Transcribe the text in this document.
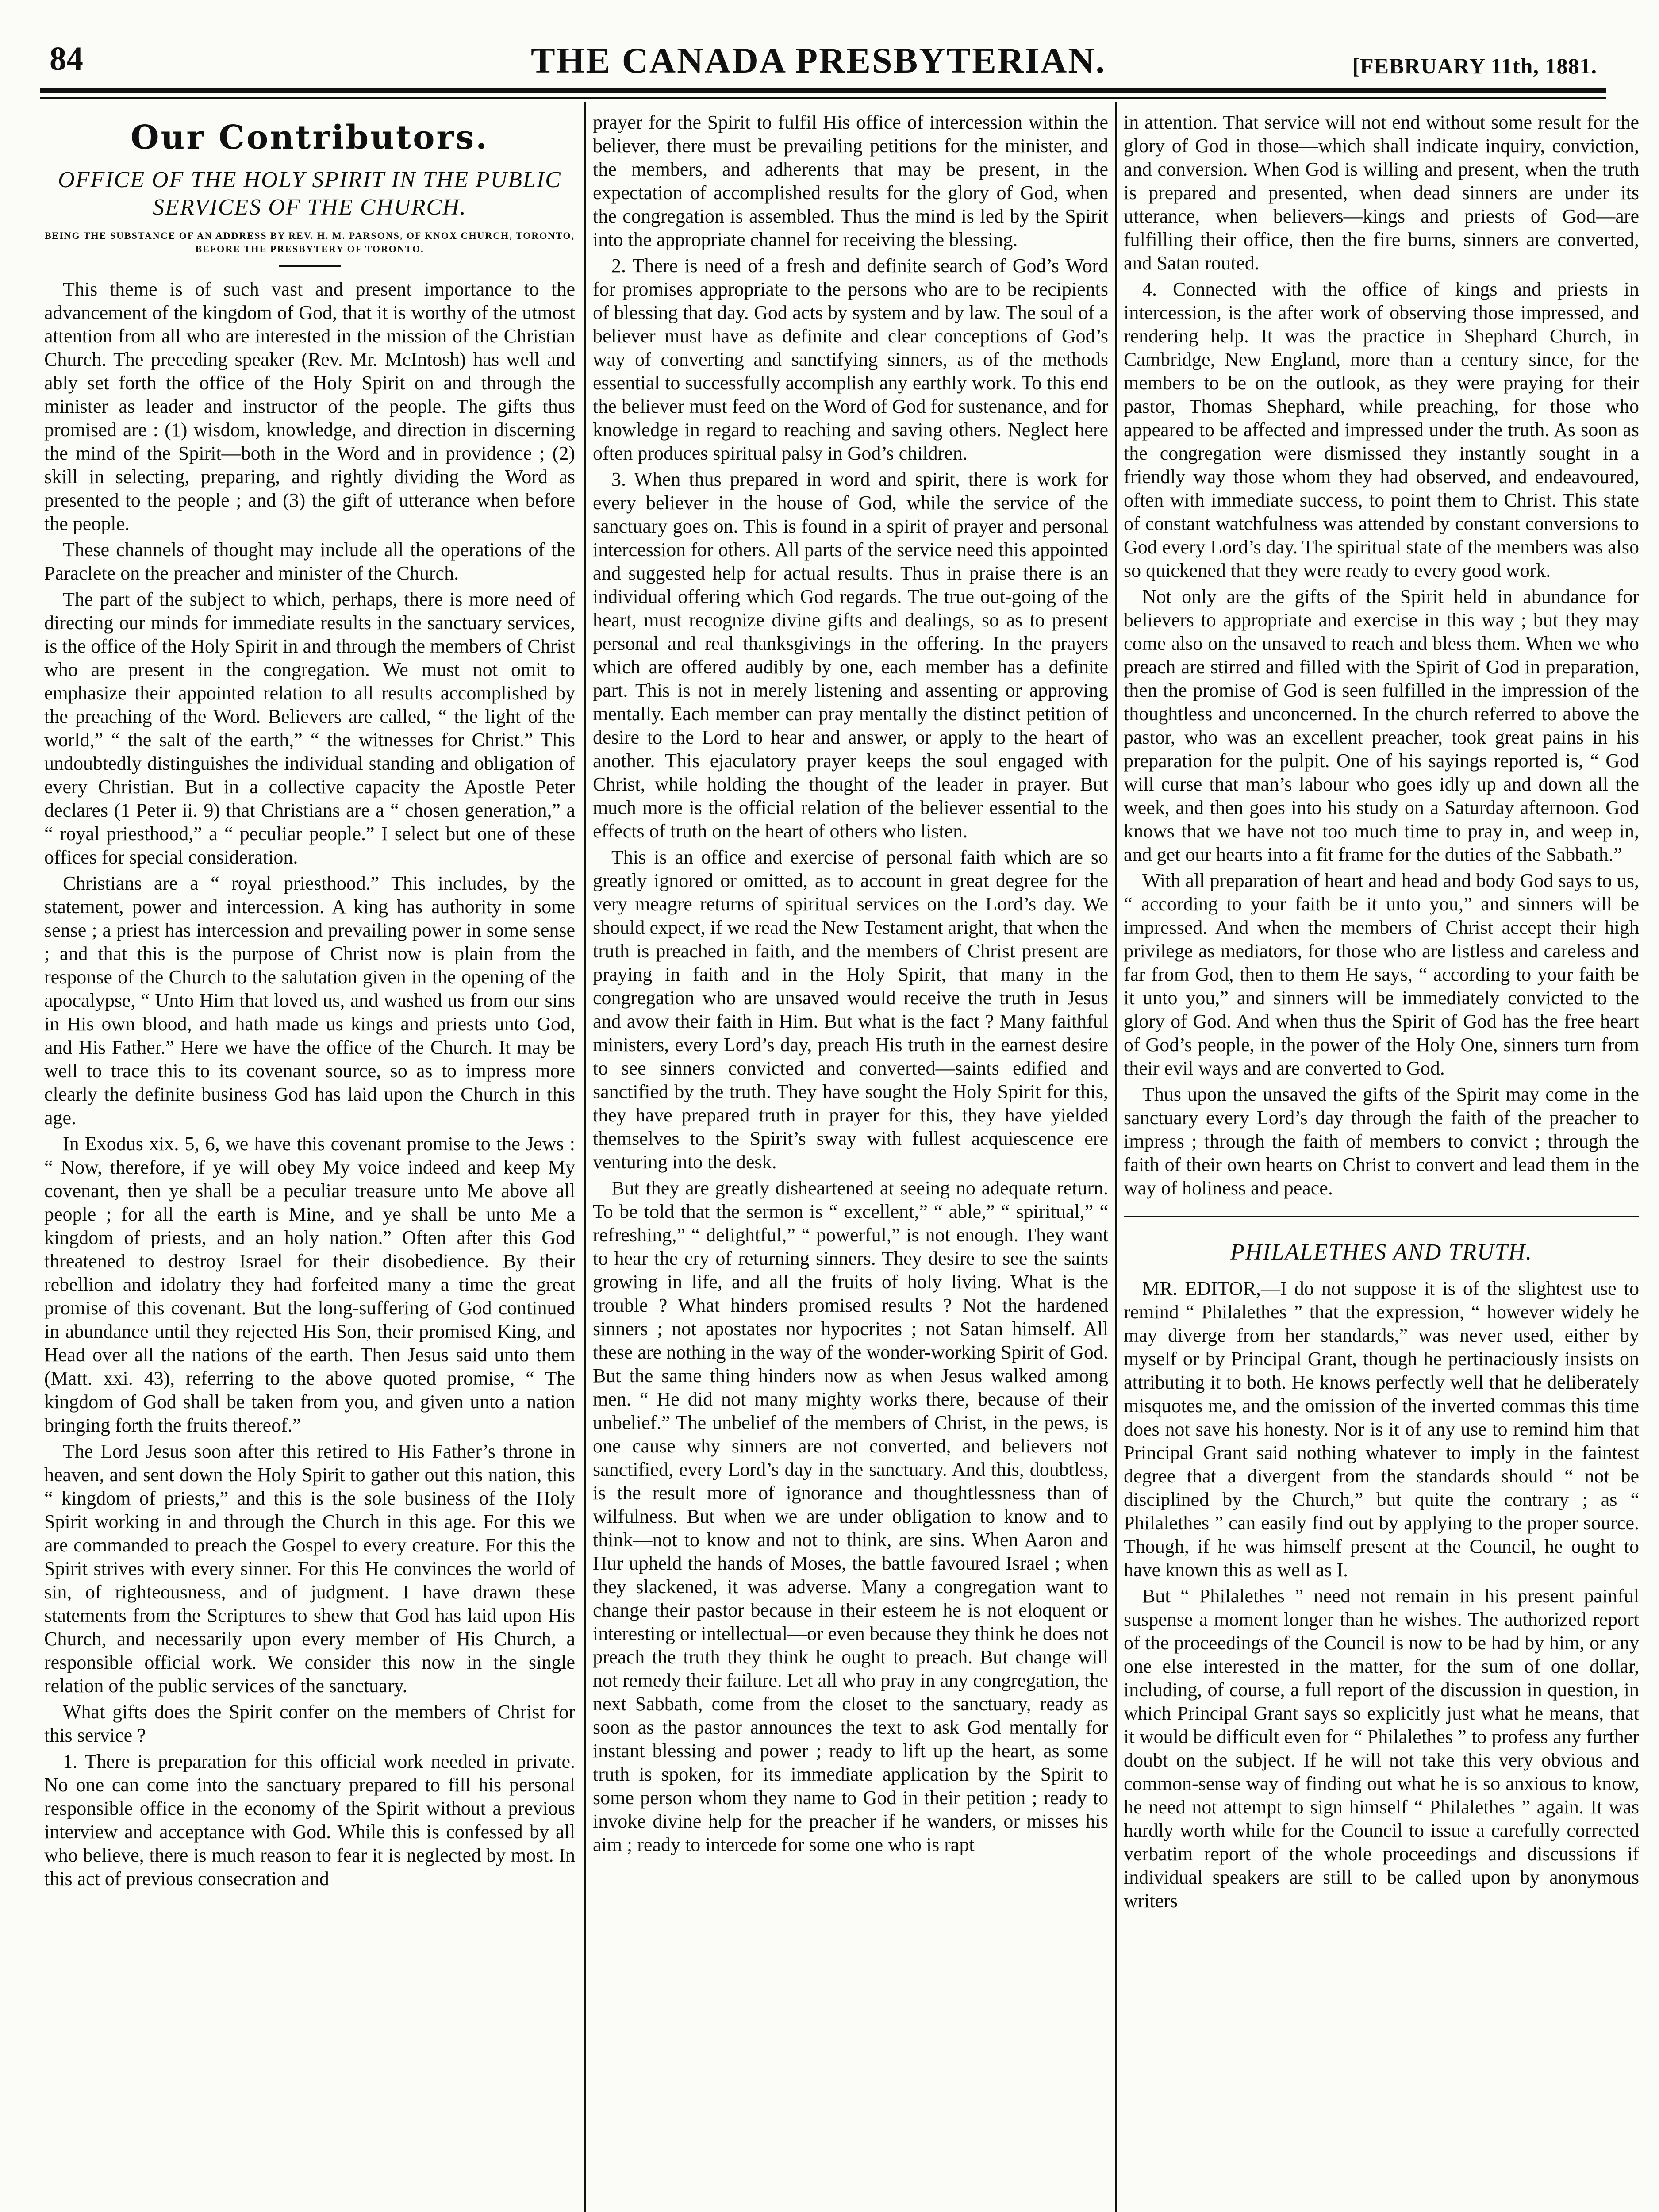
84	THE CANADA PRESBYTERIAN.	[FEBRUARY 11th, 1881.
Our Contributors.
OFFICE OF THE HOLY SPIRIT IN THE PUBLIC SERVICES OF THE CHURCH.
BEING THE SUBSTANCE OF AN ADDRESS BY REV. H. M. PARSONS, OF KNOX CHURCH, TORONTO, BEFORE THE PRESBYTERY OF TORONTO.

This theme is of such vast and present importance to the advancement of the kingdom of God, that it is worthy of the utmost attention from all who are interested in the mission of the Christian Church. The preceding speaker (Rev. Mr. McIntosh) has well and ably set forth the office of the Holy Spirit on and through the minister as leader and instructor of the people. The gifts thus promised are : (1) wisdom, knowledge, and direction in discerning the mind of the Spirit—both in the Word and in providence ; (2) skill in selecting, preparing, and rightly dividing the Word as presented to the people ; and (3) the gift of utterance when before the people.

These channels of thought may include all the operations of the Paraclete on the preacher and minister of the Church.

The part of the subject to which, perhaps, there is more need of directing our minds for immediate results in the sanctuary services, is the office of the Holy Spirit in and through the members of Christ who are present in the congregation. We must not omit to emphasize their appointed relation to all results accomplished by the preaching of the Word. Believers are called, “ the light of the world,” “ the salt of the earth,” “ the witnesses for Christ.” This undoubtedly distinguishes the individual standing and obligation of every Christian. But in a collective capacity the Apostle Peter declares (1 Peter ii. 9) that Christians are a “ chosen generation,” a “ royal priesthood,” a “ peculiar people.” I select but one of these offices for special consideration.

Christians are a “ royal priesthood.” This includes, by the statement, power and intercession. A king has authority in some sense ; a priest has intercession and prevailing power in some sense ; and that this is the purpose of Christ now is plain from the response of the Church to the salutation given in the opening of the apocalypse, “ Unto Him that loved us, and washed us from our sins in His own blood, and hath made us kings and priests unto God, and His Father.” Here we have the office of the Church. It may be well to trace this to its covenant source, so as to impress more clearly the definite business God has laid upon the Church in this age.

In Exodus xix. 5, 6, we have this covenant promise to the Jews : “ Now, therefore, if ye will obey My voice indeed and keep My covenant, then ye shall be a peculiar treasure unto Me above all people ; for all the earth is Mine, and ye shall be unto Me a kingdom of priests, and an holy nation.” Often after this God threatened to destroy Israel for their disobedience. By their rebellion and idolatry they had forfeited many a time the great promise of this covenant. But the long-suffering of God continued in abundance until they rejected His Son, their promised King, and Head over all the nations of the earth. Then Jesus said unto them (Matt. xxi. 43), referring to the above quoted promise, “ The kingdom of God shall be taken from you, and given unto a nation bringing forth the fruits thereof.”

The Lord Jesus soon after this retired to His Father’s throne in heaven, and sent down the Holy Spirit to gather out this nation, this “ kingdom of priests,” and this is the sole business of the Holy Spirit working in and through the Church in this age. For this we are commanded to preach the Gospel to every creature. For this the Spirit strives with every sinner. For this He convinces the world of sin, of righteousness, and of judgment. I have drawn these statements from the Scriptures to shew that God has laid upon His Church, and necessarily upon every member of His Church, a responsible official work. We consider this now in the single relation of the public services of the sanctuary.

What gifts does the Spirit confer on the members of Christ for this service ?

1. There is preparation for this official work needed in private. No one can come into the sanctuary prepared to fill his personal responsible office in the economy of the Spirit without a previous interview and acceptance with God. While this is confessed by all who believe, there is much reason to fear it is neglected by most. In this act of previous consecration and

prayer for the Spirit to fulfil His office of intercession within the believer, there must be prevailing petitions for the minister, and the members, and adherents that may be present, in the expectation of accomplished results for the glory of God, when the congregation is assembled. Thus the mind is led by the Spirit into the appropriate channel for receiving the blessing.

2. There is need of a fresh and definite search of God’s Word for promises appropriate to the persons who are to be recipients of blessing that day. God acts by system and by law. The soul of a believer must have as definite and clear conceptions of God’s way of converting and sanctifying sinners, as of the methods essential to successfully accomplish any earthly work. To this end the believer must feed on the Word of God for sustenance, and for knowledge in regard to reaching and saving others. Neglect here often produces spiritual palsy in God’s children.

3. When thus prepared in word and spirit, there is work for every believer in the house of God, while the service of the sanctuary goes on. This is found in a spirit of prayer and personal intercession for others. All parts of the service need this appointed and suggested help for actual results. Thus in praise there is an individual offering which God regards. The true out-going of the heart, must recognize divine gifts and dealings, so as to present personal and real thanksgivings in the offering. In the prayers which are offered audibly by one, each member has a definite part. This is not in merely listening and assenting or approving mentally. Each member can pray mentally the distinct petition of desire to the Lord to hear and answer, or apply to the heart of another. This ejaculatory prayer keeps the soul engaged with Christ, while holding the thought of the leader in prayer. But much more is the official relation of the believer essential to the effects of truth on the heart of others who listen.

This is an office and exercise of personal faith which are so greatly ignored or omitted, as to account in great degree for the very meagre returns of spiritual services on the Lord’s day. We should expect, if we read the New Testament aright, that when the truth is preached in faith, and the members of Christ present are praying in faith and in the Holy Spirit, that many in the congregation who are unsaved would receive the truth in Jesus and avow their faith in Him. But what is the fact ? Many faithful ministers, every Lord’s day, preach His truth in the earnest desire to see sinners convicted and converted—saints edified and sanctified by the truth. They have sought the Holy Spirit for this, they have prepared truth in prayer for this, they have yielded themselves to the Spirit’s sway with fullest acquiescence ere venturing into the desk.

But they are greatly disheartened at seeing no adequate return. To be told that the sermon is “ excellent,” “ able,” “ spiritual,” “ refreshing,” “ delightful,” “ powerful,” is not enough. They want to hear the cry of returning sinners. They desire to see the saints growing in life, and all the fruits of holy living. What is the trouble ? What hinders promised results ? Not the hardened sinners ; not apostates nor hypocrites ; not Satan himself. All these are nothing in the way of the wonder-working Spirit of God. But the same thing hinders now as when Jesus walked among men. “ He did not many mighty works there, because of their unbelief.” The unbelief of the members of Christ, in the pews, is one cause why sinners are not converted, and believers not sanctified, every Lord’s day in the sanctuary. And this, doubtless, is the result more of ignorance and thoughtlessness than of wilfulness. But when we are under obligation to know and to think—not to know and not to think, are sins. When Aaron and Hur upheld the hands of Moses, the battle favoured Israel ; when they slackened, it was adverse. Many a congregation want to change their pastor because in their esteem he is not eloquent or interesting or intellectual—or even because they think he does not preach the truth they think he ought to preach. But change will not remedy their failure. Let all who pray in any congregation, the next Sabbath, come from the closet to the sanctuary, ready as soon as the pastor announces the text to ask God mentally for instant blessing and power ; ready to lift up the heart, as some truth is spoken, for its immediate application by the Spirit to some person whom they name to God in their petition ; ready to invoke divine help for the preacher if he wanders, or misses his aim ; ready to intercede for some one who is rapt

in attention. That service will not end without some result for the glory of God in those—which shall indicate inquiry, conviction, and conversion. When God is willing and present, when the truth is prepared and presented, when dead sinners are under its utterance, when believers—kings and priests of God—are fulfilling their office, then the fire burns, sinners are converted, and Satan routed.

4. Connected with the office of kings and priests in intercession, is the after work of observing those impressed, and rendering help. It was the practice in Shephard Church, in Cambridge, New England, more than a century since, for the members to be on the outlook, as they were praying for their pastor, Thomas Shephard, while preaching, for those who appeared to be affected and impressed under the truth. As soon as the congregation were dismissed they instantly sought in a friendly way those whom they had observed, and endeavoured, often with immediate success, to point them to Christ. This state of constant watchfulness was attended by constant conversions to God every Lord’s day. The spiritual state of the members was also so quickened that they were ready to every good work.

Not only are the gifts of the Spirit held in abundance for believers to appropriate and exercise in this way ; but they may come also on the unsaved to reach and bless them. When we who preach are stirred and filled with the Spirit of God in preparation, then the promise of God is seen fulfilled in the impression of the thoughtless and unconcerned. In the church referred to above the pastor, who was an excellent preacher, took great pains in his preparation for the pulpit. One of his sayings reported is, “ God will curse that man’s labour who goes idly up and down all the week, and then goes into his study on a Saturday afternoon. God knows that we have not too much time to pray in, and weep in, and get our hearts into a fit frame for the duties of the Sabbath.”

With all preparation of heart and head and body God says to us, “ according to your faith be it unto you,” and sinners will be impressed. And when the members of Christ accept their high privilege as mediators, for those who are listless and careless and far from God, then to them He says, “ according to your faith be it unto you,” and sinners will be immediately convicted to the glory of God. And when thus the Spirit of God has the free heart of God’s people, in the power of the Holy One, sinners turn from their evil ways and are converted to God.

Thus upon the unsaved the gifts of the Spirit may come in the sanctuary every Lord’s day through the faith of the preacher to impress ; through the faith of members to convict ; through the faith of their own hearts on Christ to convert and lead them in the way of holiness and peace.

PHILALETHES AND TRUTH.

MR. EDITOR,—I do not suppose it is of the slightest use to remind “ Philalethes ” that the expression, “ however widely he may diverge from her standards,” was never used, either by myself or by Principal Grant, though he pertinaciously insists on attributing it to both. He knows perfectly well that he deliberately misquotes me, and the omission of the inverted commas this time does not save his honesty. Nor is it of any use to remind him that Principal Grant said nothing whatever to imply in the faintest degree that a divergent from the standards should “ not be disciplined by the Church,” but quite the contrary ; as “ Philalethes ” can easily find out by applying to the proper source. Though, if he was himself present at the Council, he ought to have known this as well as I.

But “ Philalethes ” need not remain in his present painful suspense a moment longer than he wishes. The authorized report of the proceedings of the Council is now to be had by him, or any one else interested in the matter, for the sum of one dollar, including, of course, a full report of the discussion in question, in which Principal Grant says so explicitly just what he means, that it would be difficult even for “ Philalethes ” to profess any further doubt on the subject. If he will not take this very obvious and common-sense way of finding out what he is so anxious to know, he need not attempt to sign himself “ Philalethes ” again. It was hardly worth while for the Council to issue a carefully corrected verbatim report of the whole proceedings and discussions if individual speakers are still to be called upon by anonymous writers
